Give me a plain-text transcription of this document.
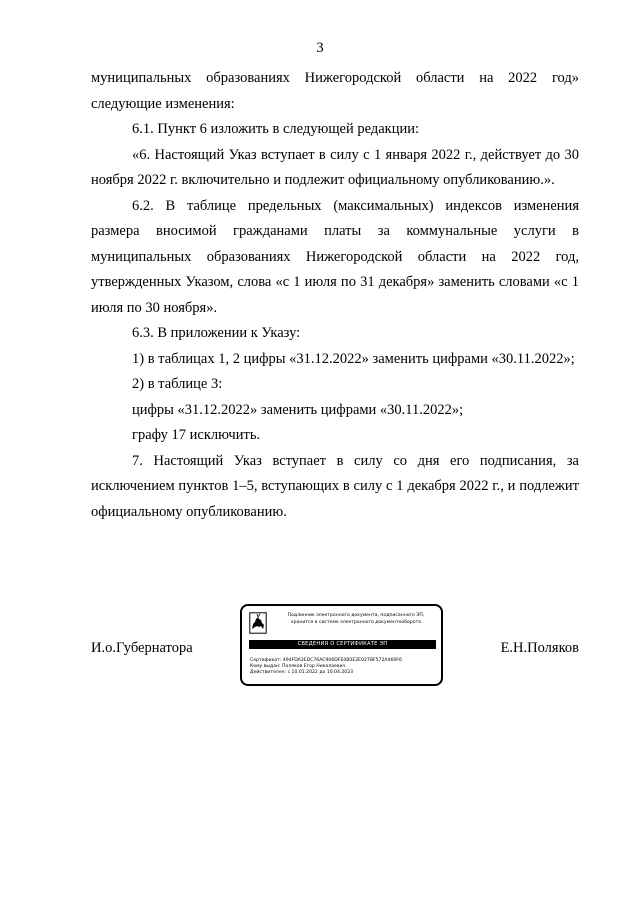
3

муниципальных образованиях Нижегородской области на 2022 год» следующие изменения:

6.1. Пункт 6 изложить в следующей редакции:

«6. Настоящий Указ вступает в силу с 1 января 2022 г., действует до 30 ноября 2022 г. включительно и подлежит официальному опубликованию.».

6.2. В таблице предельных (максимальных) индексов изменения размера вносимой гражданами платы за коммунальные услуги в муниципальных образованиях Нижегородской области на 2022 год, утвержденных Указом, слова «с 1 июля по 31 декабря» заменить словами «с 1 июля по 30 ноября».

6.3. В приложении к Указу:

1) в таблицах 1, 2 цифры «31.12.2022» заменить цифрами «30.11.2022»;

2) в таблице 3:

цифры «31.12.2022» заменить цифрами «30.11.2022»;

графу 17 исключить.

7. Настоящий Указ вступает в силу со дня его подписания, за исключением пунктов 1–5, вступающих в силу с 1 декабря 2022 г., и подлежит официальному опубликованию.

И.о.Губернатора	Е.Н.Поляков
Подлинник электронного документа, подписанного ЭП,
хранится в системе электронного документооборота
СВЕДЕНИЯ О СЕРТИФИКАТЕ ЭП
Сертификат: 494FDA3EDC76AC906DFE0B0E2E027BF572A460F6
Кому выдан: Поляков Егор Николаевич
Действителен: с 10.01.2022 до 10.04.2023
